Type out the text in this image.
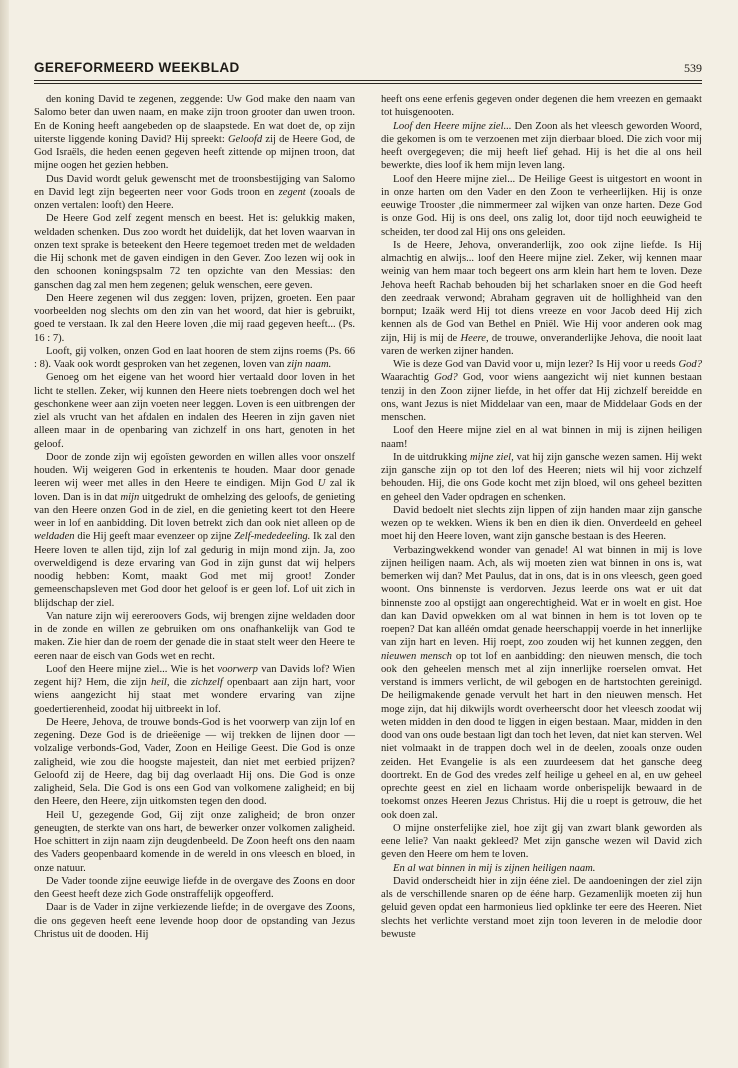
GEREFORMEERD WEEKBLAD	539

den koning David te zegenen, zeggende: Uw God make den naam van Salomo beter dan uwen naam, en make zijn troon grooter dan uwen troon. En de Koning heeft aangebeden op de slaapstede. En wat doet de, op zijn uiterste liggende koning David? Hij spreekt: Geloofd zij de Heere God, de God Israëls, die heden eenen gegeven heeft zittende op mijnen troon, dat mijne oogen het gezien hebben.

Dus David wordt geluk gewenscht met de troonsbestijging van Salomo en David legt zijn begeerten neer voor Gods troon en zegent (zooals de onzen vertalen: looft) den Heere.

De Heere God zelf zegent mensch en beest. Het is: gelukkig maken, weldaden schenken. Dus zoo wordt het duidelijk, dat het loven waarvan in onzen text sprake is beteekent den Heere tegemoet treden met de weldaden die Hij schonk met de gaven eindigen in den Gever. Zoo lezen wij ook in den schoonen koningspsalm 72 ten opzichte van den Messias: den ganschen dag zal men hem zegenen; geluk wenschen, eere geven.

Den Heere zegenen wil dus zeggen: loven, prijzen, groeten. Een paar voorbeelden nog slechts om den zin van het woord, dat hier is gebruikt, goed te verstaan. Ik zal den Heere loven ,die mij raad gegeven heeft... (Ps. 16 : 7).

Looft, gij volken, onzen God en laat hooren de stem zijns roems (Ps. 66 : 8). Vaak ook wordt gesproken van het zegenen, loven van zijn naam.

Genoeg om het eigene van het woord hier vertaald door loven in het licht te stellen. Zeker, wij kunnen den Heere niets toebrengen doch wel het geschonkene weer aan zijn voeten neer leggen. Loven is een uitbrengen der ziel als vrucht van het afdalen en indalen des Heeren in zijn gaven niet alleen maar in de openbaring van zichzelf in ons hart, genoten in het geloof.

Door de zonde zijn wij egoïsten geworden en willen alles voor onszelf houden. Wij weigeren God in erkentenis te houden. Maar door genade leeren wij weer met alles in den Heere te eindigen. Mijn God U zal ik loven. Dan is in dat mijn uitgedrukt de omhelzing des geloofs, de genieting van den Heere onzen God in de ziel, en die genieting keert tot den Heere weer in lof en aanbidding. Dit loven betrekt zich dan ook niet alleen op de weldaden die Hij geeft maar evenzeer op zijne Zelf-mededeeling. Ik zal den Heere loven te allen tijd, zijn lof zal gedurig in mijn mond zijn. Ja, zoo overweldigend is deze ervaring van God in zijn gunst dat wij helpers noodig hebben: Komt, maakt God met mij groot! Zonder gemeenschapsleven met God door het geloof is er geen lof. Lof uit zich in blijdschap der ziel.

Van nature zijn wij eereroovers Gods, wij brengen zijne weldaden door in de zonde en willen ze gebruiken om ons onafhankelijk van God te maken. Zie hier dan de roem der genade die in staat stelt weer den Heere te eeren naar de eisch van Gods wet en recht.

Loof den Heere mijne ziel... Wie is het voorwerp van Davids lof? Wien zegent hij? Hem, die zijn heil, die zichzelf openbaart aan zijn hart, voor wiens aangezicht hij staat met wondere ervaring van zijne goedertierenheid, zoodat hij uitbreekt in lof.

De Heere, Jehova, de trouwe bonds-God is het voorwerp van zijn lof en zegening. Deze God is de drieëenige — wij trekken de lijnen door — volzalige verbonds-God, Vader, Zoon en Heilige Geest. Die God is onze zaligheid, wie zou die hoogste majesteit, dan niet met eerbied prijzen? Geloofd zij de Heere, dag bij dag overlaadt Hij ons. Die God is onze zaligheid, Sela. Die God is ons een God van volkomene zaligheid; en bij den Heere, den Heere, zijn uitkomsten tegen den dood.

Heil U, gezegende God, Gij zijt onze zaligheid; de bron onzer geneugten, de sterkte van ons hart, de bewerker onzer volkomen zaligheid. Hoe schittert in zijn naam zijn deugdenbeeld. De Zoon heeft ons den naam des Vaders geopenbaard komende in de wereld in ons vleesch en bloed, in onze natuur.

De Vader toonde zijne eeuwige liefde in de overgave des Zoons en door den Geest heeft deze zich Gode onstraffelijk opgeofferd.

Daar is de Vader in zijne verkiezende liefde; in de overgave des Zoons, die ons gegeven heeft eene levende hoop door de opstanding van Jezus Christus uit de dooden. Hij

heeft ons eene erfenis gegeven onder degenen die hem vreezen en gemaakt tot huisgenooten.

Loof den Heere mijne ziel... Den Zoon als het vleesch geworden Woord, die gekomen is om te verzoenen met zijn dierbaar bloed. Die zich voor mij heeft overgegeven; die mij heeft lief gehad. Hij is het die al ons heil bewerkte, dies loof ik hem mijn leven lang.

Loof den Heere mijne ziel... De Heilige Geest is uitgestort en woont in in onze harten om den Vader en den Zoon te verheerlijken. Hij is onze eeuwige Trooster ,die nimmermeer zal wijken van onze harten. Deze God is onze God. Hij is ons deel, ons zalig lot, door tijd noch eeuwigheid te scheiden, ter dood zal Hij ons ons geleiden.

Is de Heere, Jehova, onveranderlijk, zoo ook zijne liefde. Is Hij almachtig en alwijs... loof den Heere mijne ziel. Zeker, wij kennen maar weinig van hem maar toch begeert ons arm klein hart hem te loven. Deze Jehova heeft Rachab behouden bij het scharlaken snoer en die God heeft den zeedraak verwond; Abraham gegraven uit de hollighheid van den bornput; Izaäk werd Hij tot diens vreeze en voor Jacob deed Hij zich kennen als de God van Bethel en Pniël. Wie Hij voor anderen ook mag zijn, Hij is mij de Heere, de trouwe, onveranderlijke Jehova, die nooit laat varen de werken zijner handen.

Wie is deze God van David voor u, mijn lezer? Is Hij voor u reeds God? Waarachtig God? God, voor wiens aangezicht wij niet kunnen bestaan tenzij in den Zoon zijner liefde, in het offer dat Hij zichzelf bereidde en ons, want Jezus is niet Middelaar van een, maar de Middelaar Gods en der menschen.

Loof den Heere mijne ziel en al wat binnen in mij is zijnen heiligen naam!

In de uitdrukking mijne ziel, vat hij zijn gansche wezen samen. Hij wekt zijn gansche zijn op tot den lof des Heeren; niets wil hij voor zichzelf behouden. Hij, die ons Gode kocht met zijn bloed, wil ons geheel bezitten en geheel den Vader opdragen en schenken.

David bedoelt niet slechts zijn lippen of zijn handen maar zijn gansche wezen op te wekken. Wiens ik ben en dien ik dien. Onverdeeld en geheel moet hij den Heere loven, want zijn gansche bestaan is des Heeren.

Verbazingwekkend wonder van genade! Al wat binnen in mij is love zijnen heiligen naam. Ach, als wij moeten zien wat binnen in ons is, wat bemerken wij dan? Met Paulus, dat in ons, dat is in ons vleesch, geen goed woont. Ons binnenste is verdorven. Jezus leerde ons wat er uit dat binnenste zoo al opstijgt aan ongerechtigheid. Wat er in woelt en gist. Hoe dan kan David opwekken om al wat binnen in hem is tot loven op te roepen? Dat kan alléén omdat genade heerschappij voerde in het innerlijke van zijn hart en leven. Hij roept, zoo zouden wij het kunnen zeggen, den nieuwen mensch op tot lof en aanbidding: den nieuwen mensch, die toch ook den geheelen mensch met al zijn innerlijke roerselen omvat. Het verstand is immers verlicht, de wil gebogen en de hartstochten gereinigd. De heiligmakende genade vervult het hart in den nieuwen mensch. Het moge zijn, dat hij dikwijls wordt overheerscht door het vleesch zoodat wij weten midden in den dood te liggen in eigen bestaan. Maar, midden in den dood van ons oude bestaan ligt dan toch het leven, dat niet kan sterven. Wel niet volmaakt in de trappen doch wel in de deelen, zooals onze ouden zeiden. Het Evangelie is als een zuurdeesem dat het gansche deeg doortrekt. En de God des vredes zelf heilige u geheel en al, en uw geheel oprechte geest en ziel en lichaam worde onberispelijk bewaard in de toekomst onzes Heeren Jezus Christus. Hij die u roept is getrouw, die het ook doen zal.

O mijne onsterfelijke ziel, hoe zijt gij van zwart blank geworden als eene lelie? Van naakt gekleed? Met zijn gansche wezen wil David zich geven den Heere om hem te loven.

En al wat binnen in mij is zijnen heiligen naam.

David onderscheidt hier in zijn ééne ziel. De aandoeningen der ziel zijn als de verschillende snaren op de ééne harp. Gezamenlijk moeten zij hun geluid geven opdat een harmonieus lied opklinke ter eere des Heeren. Niet slechts het verlichte verstand moet zijn toon leveren in de melodie door bewuste
